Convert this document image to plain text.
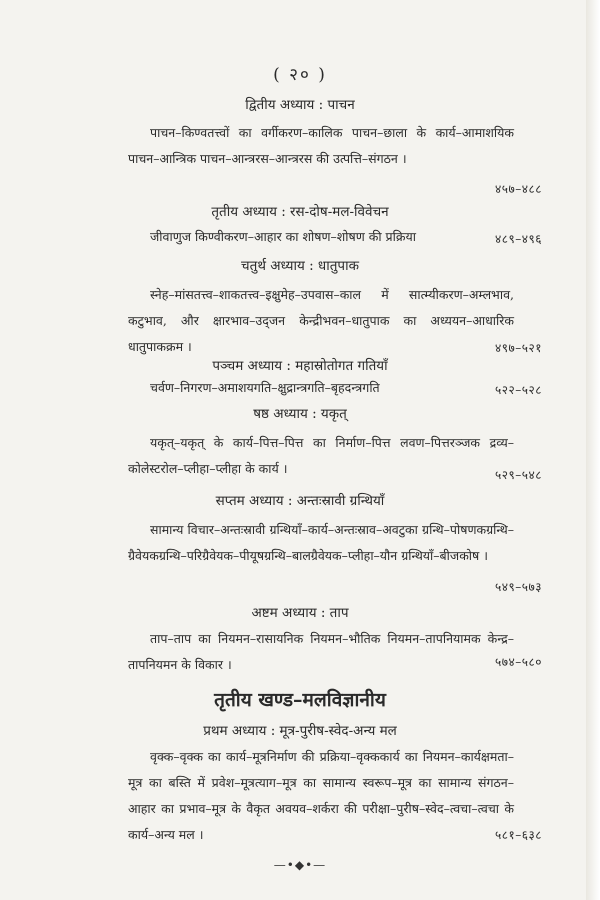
( २० )
द्वितीय अध्याय : पाचन
पाचन–किण्वतत्त्वों का वर्गीकरण–कालिक पाचन–छाला के कार्य–आमाशयिक पाचन–आन्त्रिक पाचन–आन्त्ररस–आन्त्ररस की उत्पत्ति–संगठन ।
४५७–४८८
तृतीय अध्याय : रस-दोष-मल-विवेचन
जीवाणुज किण्वीकरण–आहार का शोषण–शोषण की प्रक्रिया	४८९–४९६
चतुर्थ अध्याय : धातुपाक
स्नेह–मांसतत्त्व–शाकतत्त्व–इक्षुमेह–उपवास–काल में सात्म्यीकरण–अम्लभाव, कटुभाव, और क्षारभाव–उद्‍जन केन्द्रीभवन–धातुपाक का अध्ययन–आधारिक धातुपाकक्रम ।	४९७–५२१
पञ्चम अध्याय : महास्रोतोगत गतियाँ
चर्वण–निगरण–अमाशयगति–क्षुद्रान्त्रगति–बृहदन्त्रगति	५२२–५२८
षष्ठ अध्याय : यकृत्
यकृत्–यकृत् के कार्य–पित्त–पित्त का निर्माण–पित्त लवण–पित्तरञ्जक द्रव्य–कोलेस्टरोल–प्लीहा–प्लीहा के कार्य ।	५२९–५४८
सप्तम अध्याय : अन्तःस्रावी ग्रन्थियाँ
सामान्य विचार–अन्तःस्रावी ग्रन्थियाँ–कार्य–अन्तःस्राव–अवटुका ग्रन्थि–पोषणकग्रन्थि–ग्रैवेयकग्रन्थि–परिग्रैवेयक–पीयूषग्रन्थि–बालग्रैवेयक–प्लीहा–यौन ग्रन्थियाँ–बीजकोष ।
५४९–५७३
अष्टम अध्याय : ताप
ताप–ताप का नियमन–रासायनिक नियमन–भौतिक नियमन–तापनियामक केन्द्र–तापनियमन के विकार ।	५७४–५८०
तृतीय खण्ड–मलविज्ञानीय
प्रथम अध्याय : मूत्र-पुरीष-स्वेद-अन्य मल
वृक्क–वृक्क का कार्य–मूत्रनिर्माण की प्रक्रिया–वृक्ककार्य का नियमन–कार्यक्षमता–मूत्र का बस्ति में प्रवेश–मूत्रत्याग–मूत्र का सामान्य स्वरूप–मूत्र का सामान्य संगठन–आहार का प्रभाव–मूत्र के वैकृत अवयव–शर्करा की परीक्षा–पुरीष–स्वेद–त्वचा–त्वचा के कार्य–अन्य मल ।	५८१–६३८
—•◆•—
